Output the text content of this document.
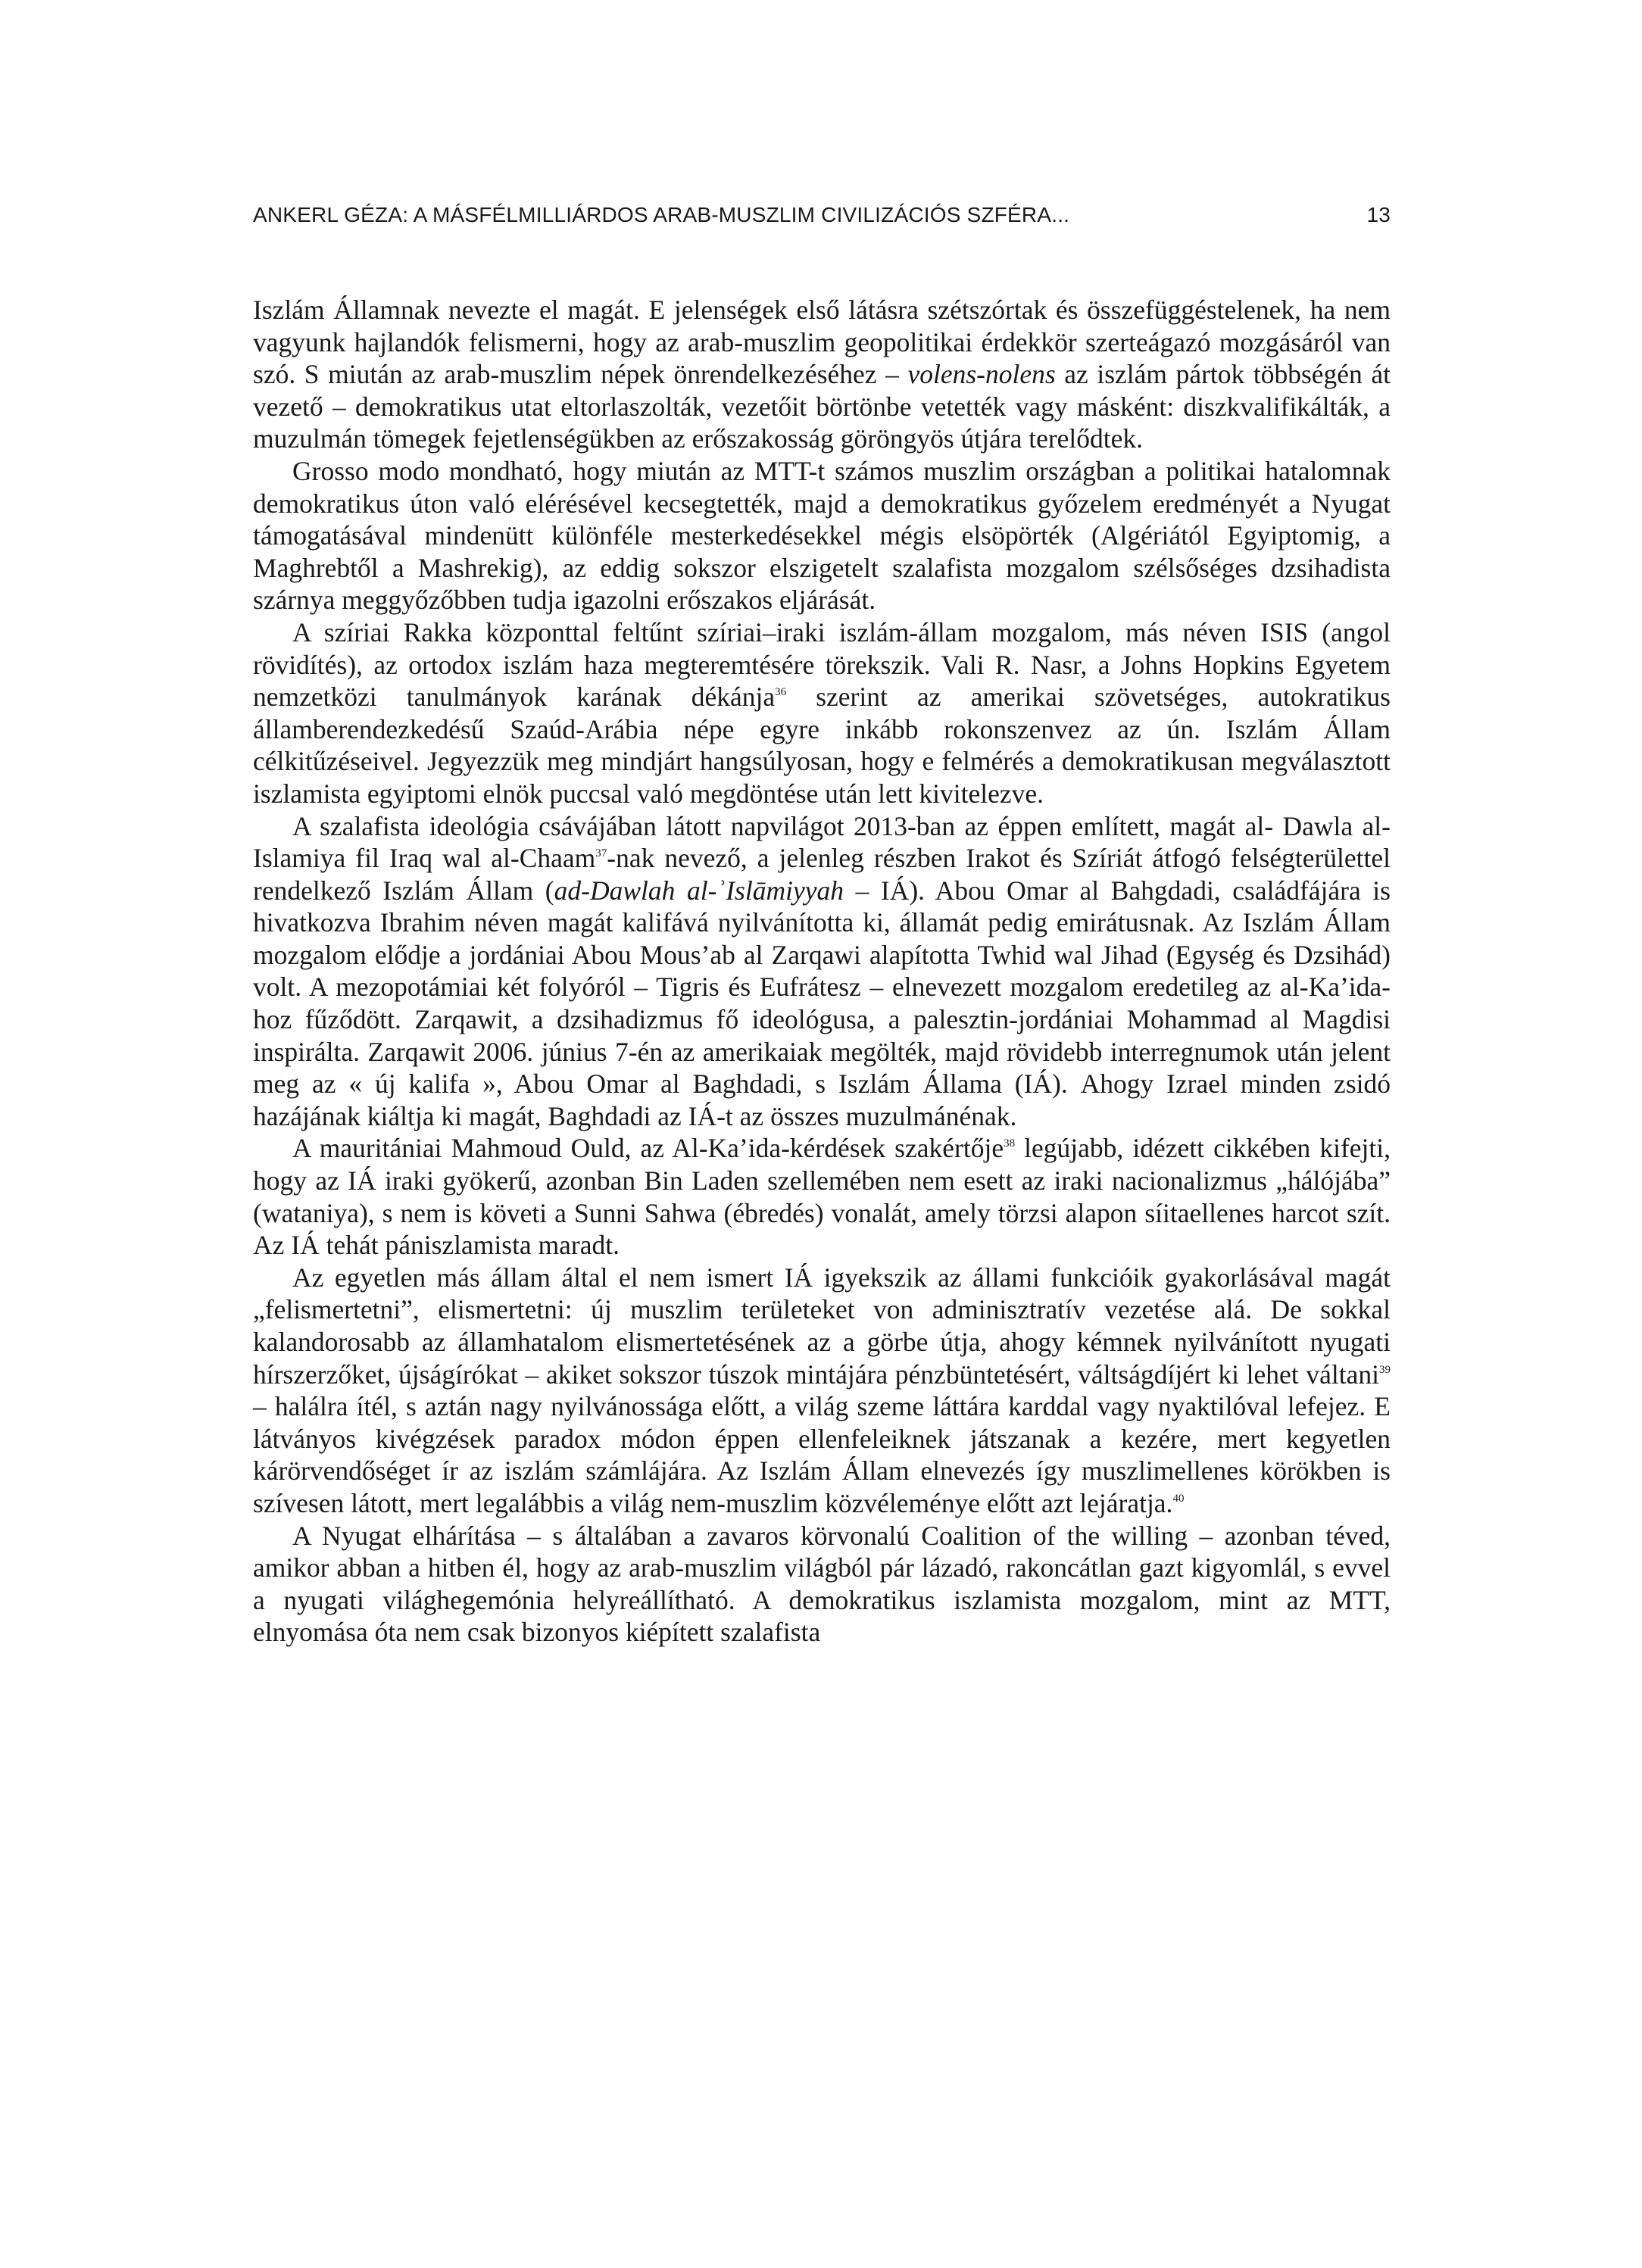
ANKERL GÉZA: A MÁSFÉLMILLIÁRDOS ARAB-MUSZLIM CIVILIZÁCIÓS SZFÉRA...	13

Iszlám Államnak nevezte el magát. E jelenségek első látásra szétszórtak és összefüggéstelenek, ha nem vagyunk hajlandók felismerni, hogy az arab-muszlim geopolitikai érdekkör szerteágazó mozgásáról van szó. S miután az arab-muszlim népek önrendelkezéséhez – volens-nolens az iszlám pártok többségén át vezető – demokratikus utat eltorlaszolták, vezetőit börtönbe vetették vagy másként: diszkvalifikálták, a muzulmán tömegek fejetlenségükben az erőszakosság göröngyös útjára terelődtek.

Grosso modo mondható, hogy miután az MTT-t számos muszlim országban a politikai hatalomnak demokratikus úton való elérésével kecsegtették, majd a demokratikus győzelem eredményét a Nyugat támogatásával mindenütt különféle mesterkedésekkel mégis elsöpörték (Algériától Egyiptomig, a Maghrebtől a Mashrekig), az eddig sokszor elszigetelt szalafista mozgalom szélsőséges dzsihadista szárnya meggyőzőbben tudja igazolni erőszakos eljárását.

A szíriai Rakka központtal feltűnt szíriai–iraki iszlám-állam mozgalom, más néven ISIS (angol rövidítés), az ortodox iszlám haza megteremtésére törekszik. Vali R. Nasr, a Johns Hopkins Egyetem nemzetközi tanulmányok karának dékánja$^{36}$ szerint az amerikai szövetséges, autokratikus államberendezkedésű Szaúd-Arábia népe egyre inkább rokonszenvez az ún. Iszlám Állam célkitűzéseivel. Jegyezzük meg mindjárt hangsúlyosan, hogy e felmérés a demokratikusan megválasztott iszlamista egyiptomi elnök puccsal való megdöntése után lett kivitelezve.

A szalafista ideológia csávájában látott napvilágot 2013-ban az éppen említett, magát al- Dawla al-Islamiya fil Iraq wal al-Chaam$^{37}$-nak nevező, a jelenleg részben Irakot és Szíriát átfogó felségterülettel rendelkező Iszlám Állam (ad-Dawlah al-ʾIslāmiyyah – IÁ). Abou Omar al Bahgdadi, családfájára is hivatkozva Ibrahim néven magát kalifává nyilvánította ki, államát pedig emirátusnak. Az Iszlám Állam mozgalom elődje a jordániai Abou Mous’ab al Zarqawi alapította Twhid wal Jihad (Egység és Dzsihád) volt. A mezopotámiai két folyóról – Tigris és Eufrátesz – elnevezett mozgalom eredetileg az al-Ka’ida-hoz fűződött. Zarqawit, a dzsihadizmus fő ideológusa, a palesztin-jordániai Mohammad al Magdisi inspirálta. Zarqawit 2006. június 7-én az amerikaiak megölték, majd rövidebb interregnumok után jelent meg az « új kalifa », Abou Omar al Baghdadi, s Iszlám Államа (IÁ). Ahogy Izrael minden zsidó hazájának kiáltja ki magát, Baghdadi az IÁ-t az összes muzulmánénak.

A mauritániai Mahmoud Ould, az Al-Ka’ida-kérdések szakértője$^{38}$ legújabb, idézett cikkében kifejti, hogy az IÁ iraki gyökerű, azonban Bin Laden szellemében nem esett az iraki nacionalizmus „hálójába” (wataniya), s nem is követi a Sunni Sahwa (ébredés) vonalát, amely törzsi alapon síitaellenes harcot szít. Az IÁ tehát pániszlamista maradt.

Az egyetlen más állam által el nem ismert IÁ igyekszik az állami funkcióik gyakorlásával magát „felismertetni”, elismertetni: új muszlim területeket von adminisztratív vezetése alá. De sokkal kalandorosabb az államhatalom elismertetésének az a görbe útja, ahogy kémnek nyilvánított nyugati hírszerzőket, újságírókat – akiket sokszor túszok mintájára pénzbüntetésért, váltságdíjért ki lehet váltani$^{39}$ – halálra ítél, s aztán nagy nyilvánossága előtt, a világ szeme láttára karddal vagy nyaktilóval lefejez. E látványos kivégzések paradox módon éppen ellenfeleiknek játszanak a kezére, mert kegyetlen kárörvendőséget ír az iszlám számlájára. Az Iszlám Állam elnevezés így muszlimellenes körökben is szívesen látott, mert legalábbis a világ nem-muszlim közvéleménye előtt azt lejáratja.$^{40}$

A Nyugat elhárítása – s általában a zavaros körvonalú Coalition of the willing – azonban téved, amikor abban a hitben él, hogy az arab-muszlim világból pár lázadó, rakoncátlan gazt kigyomlál, s evvel a nyugati világhegemónia helyreállítható. A demokratikus iszlamista mozgalom, mint az MTT, elnyomása óta nem csak bizonyos kiépített szalafista
